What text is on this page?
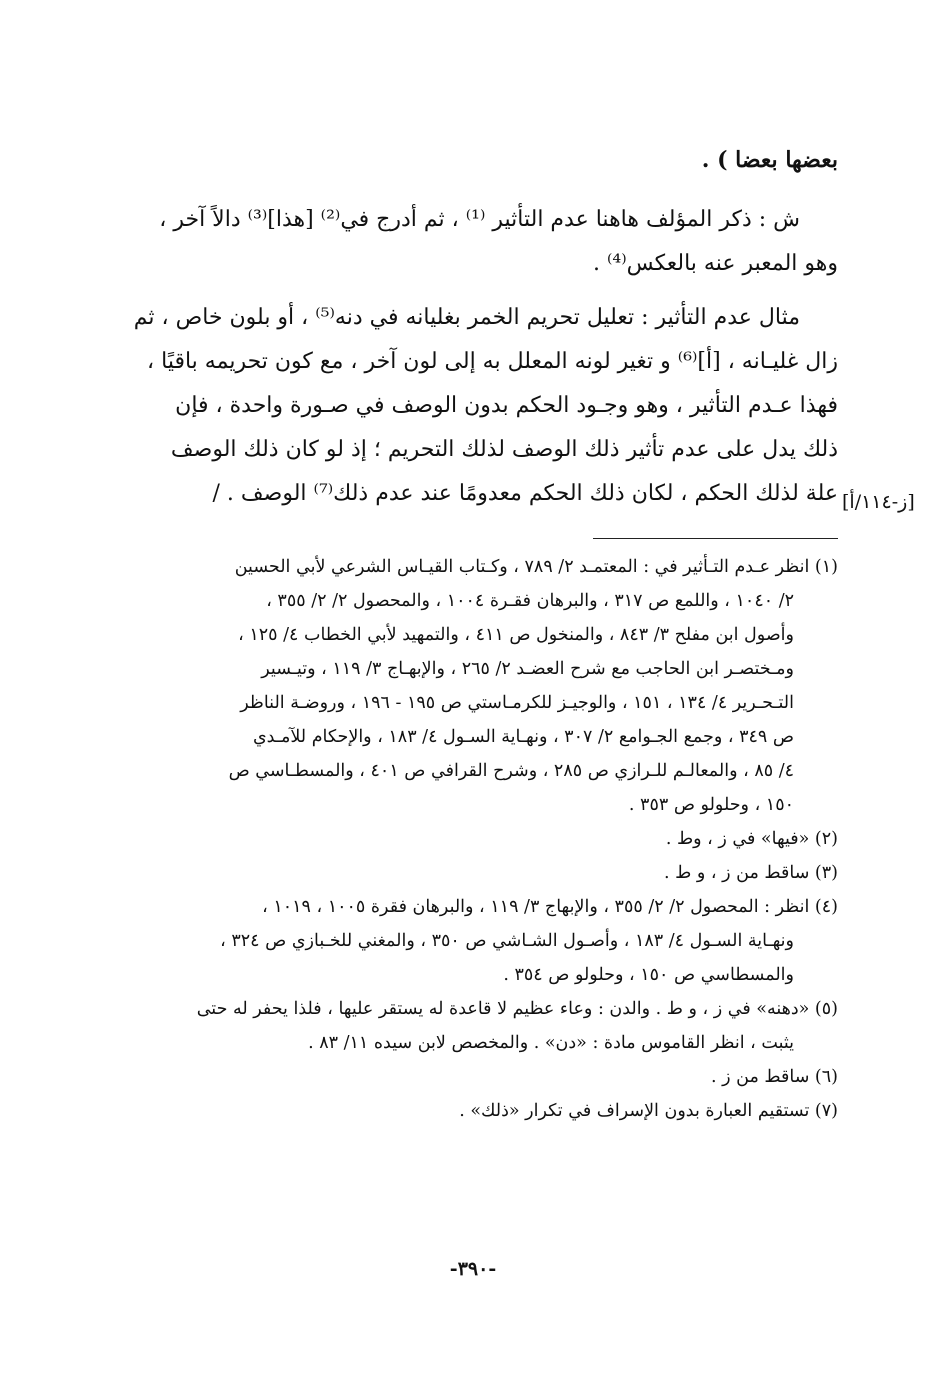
بعضها بعضا ) .
ش : ذكر المؤلف هاهنا عدم التأثير ⁽¹⁾ ، ثم أدرج في⁽²⁾ [هذا]⁽³⁾ دالاً آخر ،
وهو المعبر عنه بالعكس⁽⁴⁾ .
مثال عدم التأثير : تعليل تحريم الخمر بغليانه في دنه⁽⁵⁾ ، أو بلون خاص ، ثم
زال غليـانه ، [أ]⁽⁶⁾ و تغير لونه المعلل به إلى لون آخر ، مع كون تحريمه باقيًا ،
فهذا عـدم التأثير ، وهو وجـود الحكم بدون الوصف في صـورة واحدة ، فإن
ذلك يدل على عدم تأثير ذلك الوصف لذلك التحريم ؛ إذ لو كان ذلك الوصف
علة لذلك الحكم ، لكان ذلك الحكم معدومًا عند عدم ذلك⁽⁷⁾ الوصف . / [ز-١١٤/أ]
(١) انظر عـدم التـأثير في : المعتمـد ٢/ ٧٨٩ ، وكـتاب القيـاس الشرعي لأبي الحسين
٢/ ١٠٤٠ ، واللمع ص ٣١٧ ، والبرهان فقـرة ١٠٠٤ ، والمحصول ٢/ ٢/ ٣٥٥ ،
وأصول ابن مفلح ٣/ ٨٤٣ ، والمنخول ص ٤١١ ، والتمهيد لأبي الخطاب ٤/ ١٢٥ ،
ومـختصـر ابن الحاجب مع شرح العضـد ٢/ ٢٦٥ ، والإبهـاج ٣/ ١١٩ ، وتيـسير
التـحـرير ٤/ ١٣٤ ، ١٥١ ، والوجيـز للكرمـاستي ص ١٩٥ - ١٩٦ ، وروضـة الناظر
ص ٣٤٩ ، وجمع الجـوامع ٢/ ٣٠٧ ، ونهـاية السـول ٤/ ١٨٣ ، والإحكام للآمـدي
٤/ ٨٥ ، والمعالـم للـرازي ص ٢٨٥ ، وشرح القرافي ص ٤٠١ ، والمسطـاسي ص
١٥٠ ، وحلولو ص ٣٥٣ .
(٢) «فيها» في ز ، وط .
(٣) ساقط من ز ، و ط .
(٤) انظر : المحصول ٢/ ٢/ ٣٥٥ ، والإبهاج ٣/ ١١٩ ، والبرهان فقرة ١٠٠٥ ، ١٠١٩ ،
ونهـاية السـول ٤/ ١٨٣ ، وأصـول الشـاشي ص ٣٥٠ ، والمغني للخـبازي ص ٣٢٤ ،
والمسطاسي ص ١٥٠ ، وحلولو ص ٣٥٤ .
(٥) «دهنه» في ز ، و ط . والدن : وعاء عظيم لا قاعدة له يستقر عليها ، فلذا يحفر له حتى
يثبت ، انظر القاموس مادة : «دن» . والمخصص لابن سيده ١١/ ٨٣ .
(٦) ساقط من ز .
(٧) تستقيم العبارة بدون الإسراف في تكرار «ذلك» .
-٣٩٠-
